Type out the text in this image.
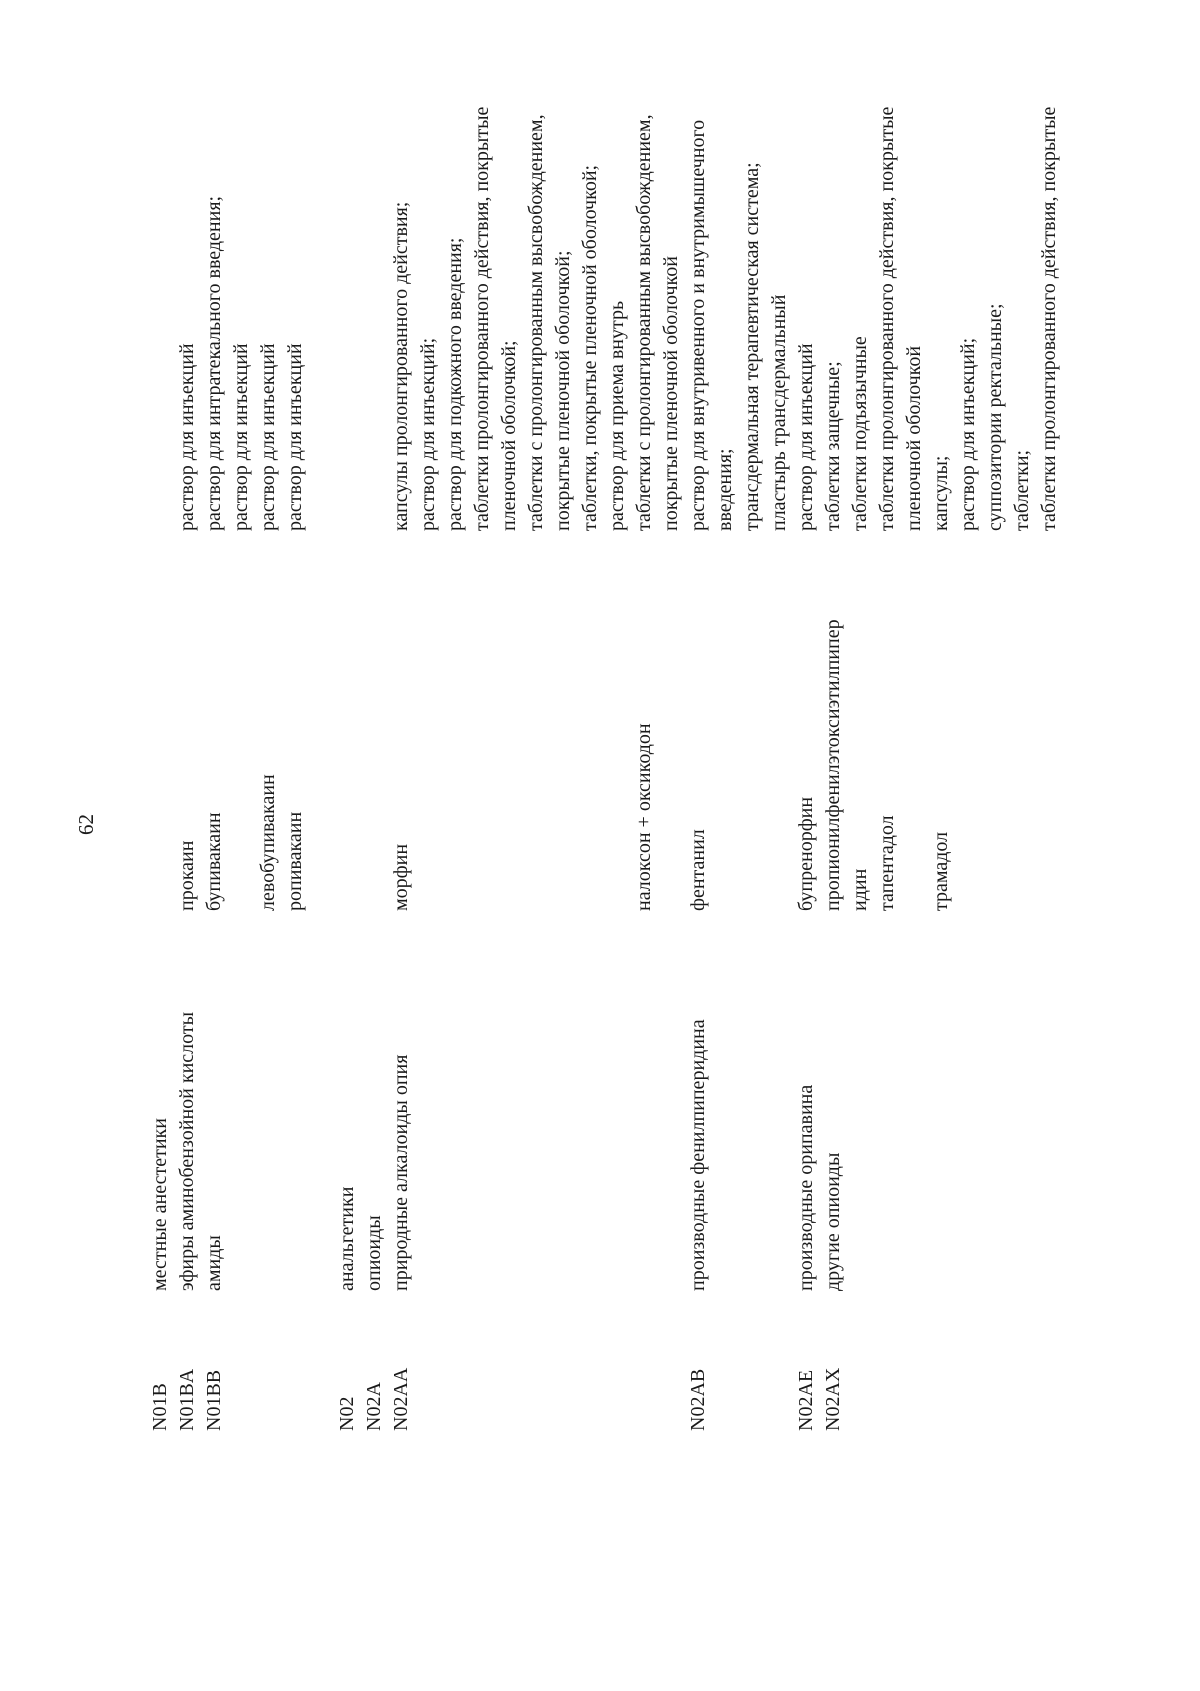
62
N01B
местные анестетики
N01BA
эфиры аминобензойной кислоты
прокаин
раствор для инъекций
N01BB
амиды
бупивакаин
раствор для интратекального введения; раствор для инъекций
левобупивакаин
раствор для инъекций
ропивакаин
раствор для инъекций
N02
анальгетики
N02A
опиоиды
N02AA
природные алкалоиды опия
морфин
капсулы пролонгированного действия; раствор для инъекций; раствор для подкожного введения; таблетки пролонгированного действия, покрытые пленочной оболочкой; таблетки с пролонгированным высвобождением, покрытые пленочной оболочкой; таблетки, покрытые пленочной оболочкой; раствор для приема внутрь
налоксон + оксикодон
таблетки с пролонгированным высвобождением, покрытые пленочной оболочкой
N02AB
производные фенилпиперидина
фентанил
раствор для внутривенного и внутримышечного введения; трансдермальная терапевтическая система; пластырь трансдермальный
N02AE
производные орипавина
бупренорфин
раствор для инъекций
N02AX
другие опиоиды
пропионилфенилэтоксиэтилпипер
таблетки защечные;
идин
таблетки подъязычные
тапентадол
таблетки пролонгированного действия, покрытые пленочной оболочкой
трамадол
капсулы; раствор для инъекций; суппозитории ректальные; таблетки; таблетки пролонгированного действия, покрытые
